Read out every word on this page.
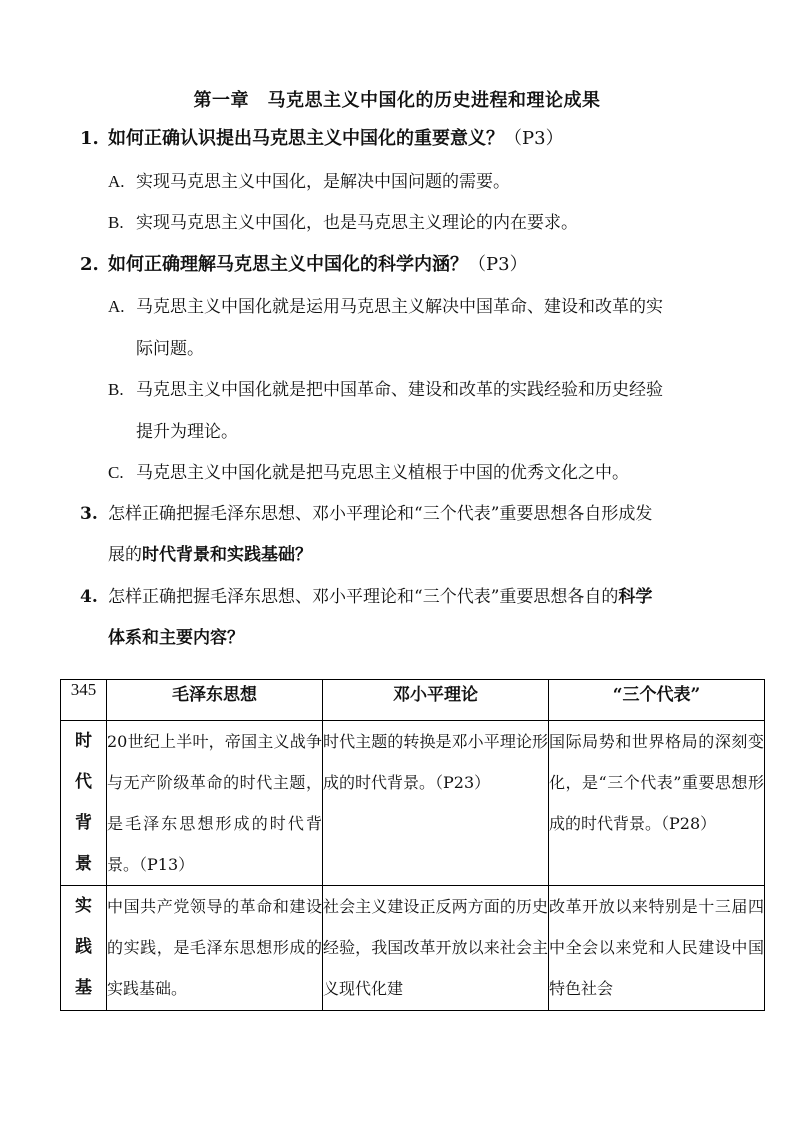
第一章　马克思主义中国化的历史进程和理论成果
1. 如何正确认识提出马克思主义中国化的重要意义？（P3）
A. 实现马克思主义中国化，是解决中国问题的需要。
B. 实现马克思主义中国化，也是马克思主义理论的内在要求。
2. 如何正确理解马克思主义中国化的科学内涵？（P3）
A. 马克思主义中国化就是运用马克思主义解决中国革命、建设和改革的实
际问题。
B. 马克思主义中国化就是把中国革命、建设和改革的实践经验和历史经验
提升为理论。
C. 马克思主义中国化就是把马克思主义植根于中国的优秀文化之中。
3. 怎样正确把握毛泽东思想、邓小平理论和“三个代表”重要思想各自形成发
展的时代背景和实践基础？
4. 怎样正确把握毛泽东思想、邓小平理论和“三个代表”重要思想各自的科学
体系和主要内容？
345	毛泽东思想	邓小平理论	“三个代表”

时
代
背
景	20世纪上半叶，帝国主义战争与无产阶级革命的时代主题，是毛泽东思想形成的时代背景。（P13）	时代主题的转换是邓小平理论形成的时代背景。（P23）	国际局势和世界格局的深刻变化，是“三个代表”重要思想形成的时代背景。（P28）

实
践
基	中国共产党领导的革命和建设的实践，是毛泽东思想形成的实践基础。	社会主义建设正反两方面的历史经验，我国改革开放以来社会主义现代化建	改革开放以来特别是十三届四中全会以来党和人民建设中国特色社会
